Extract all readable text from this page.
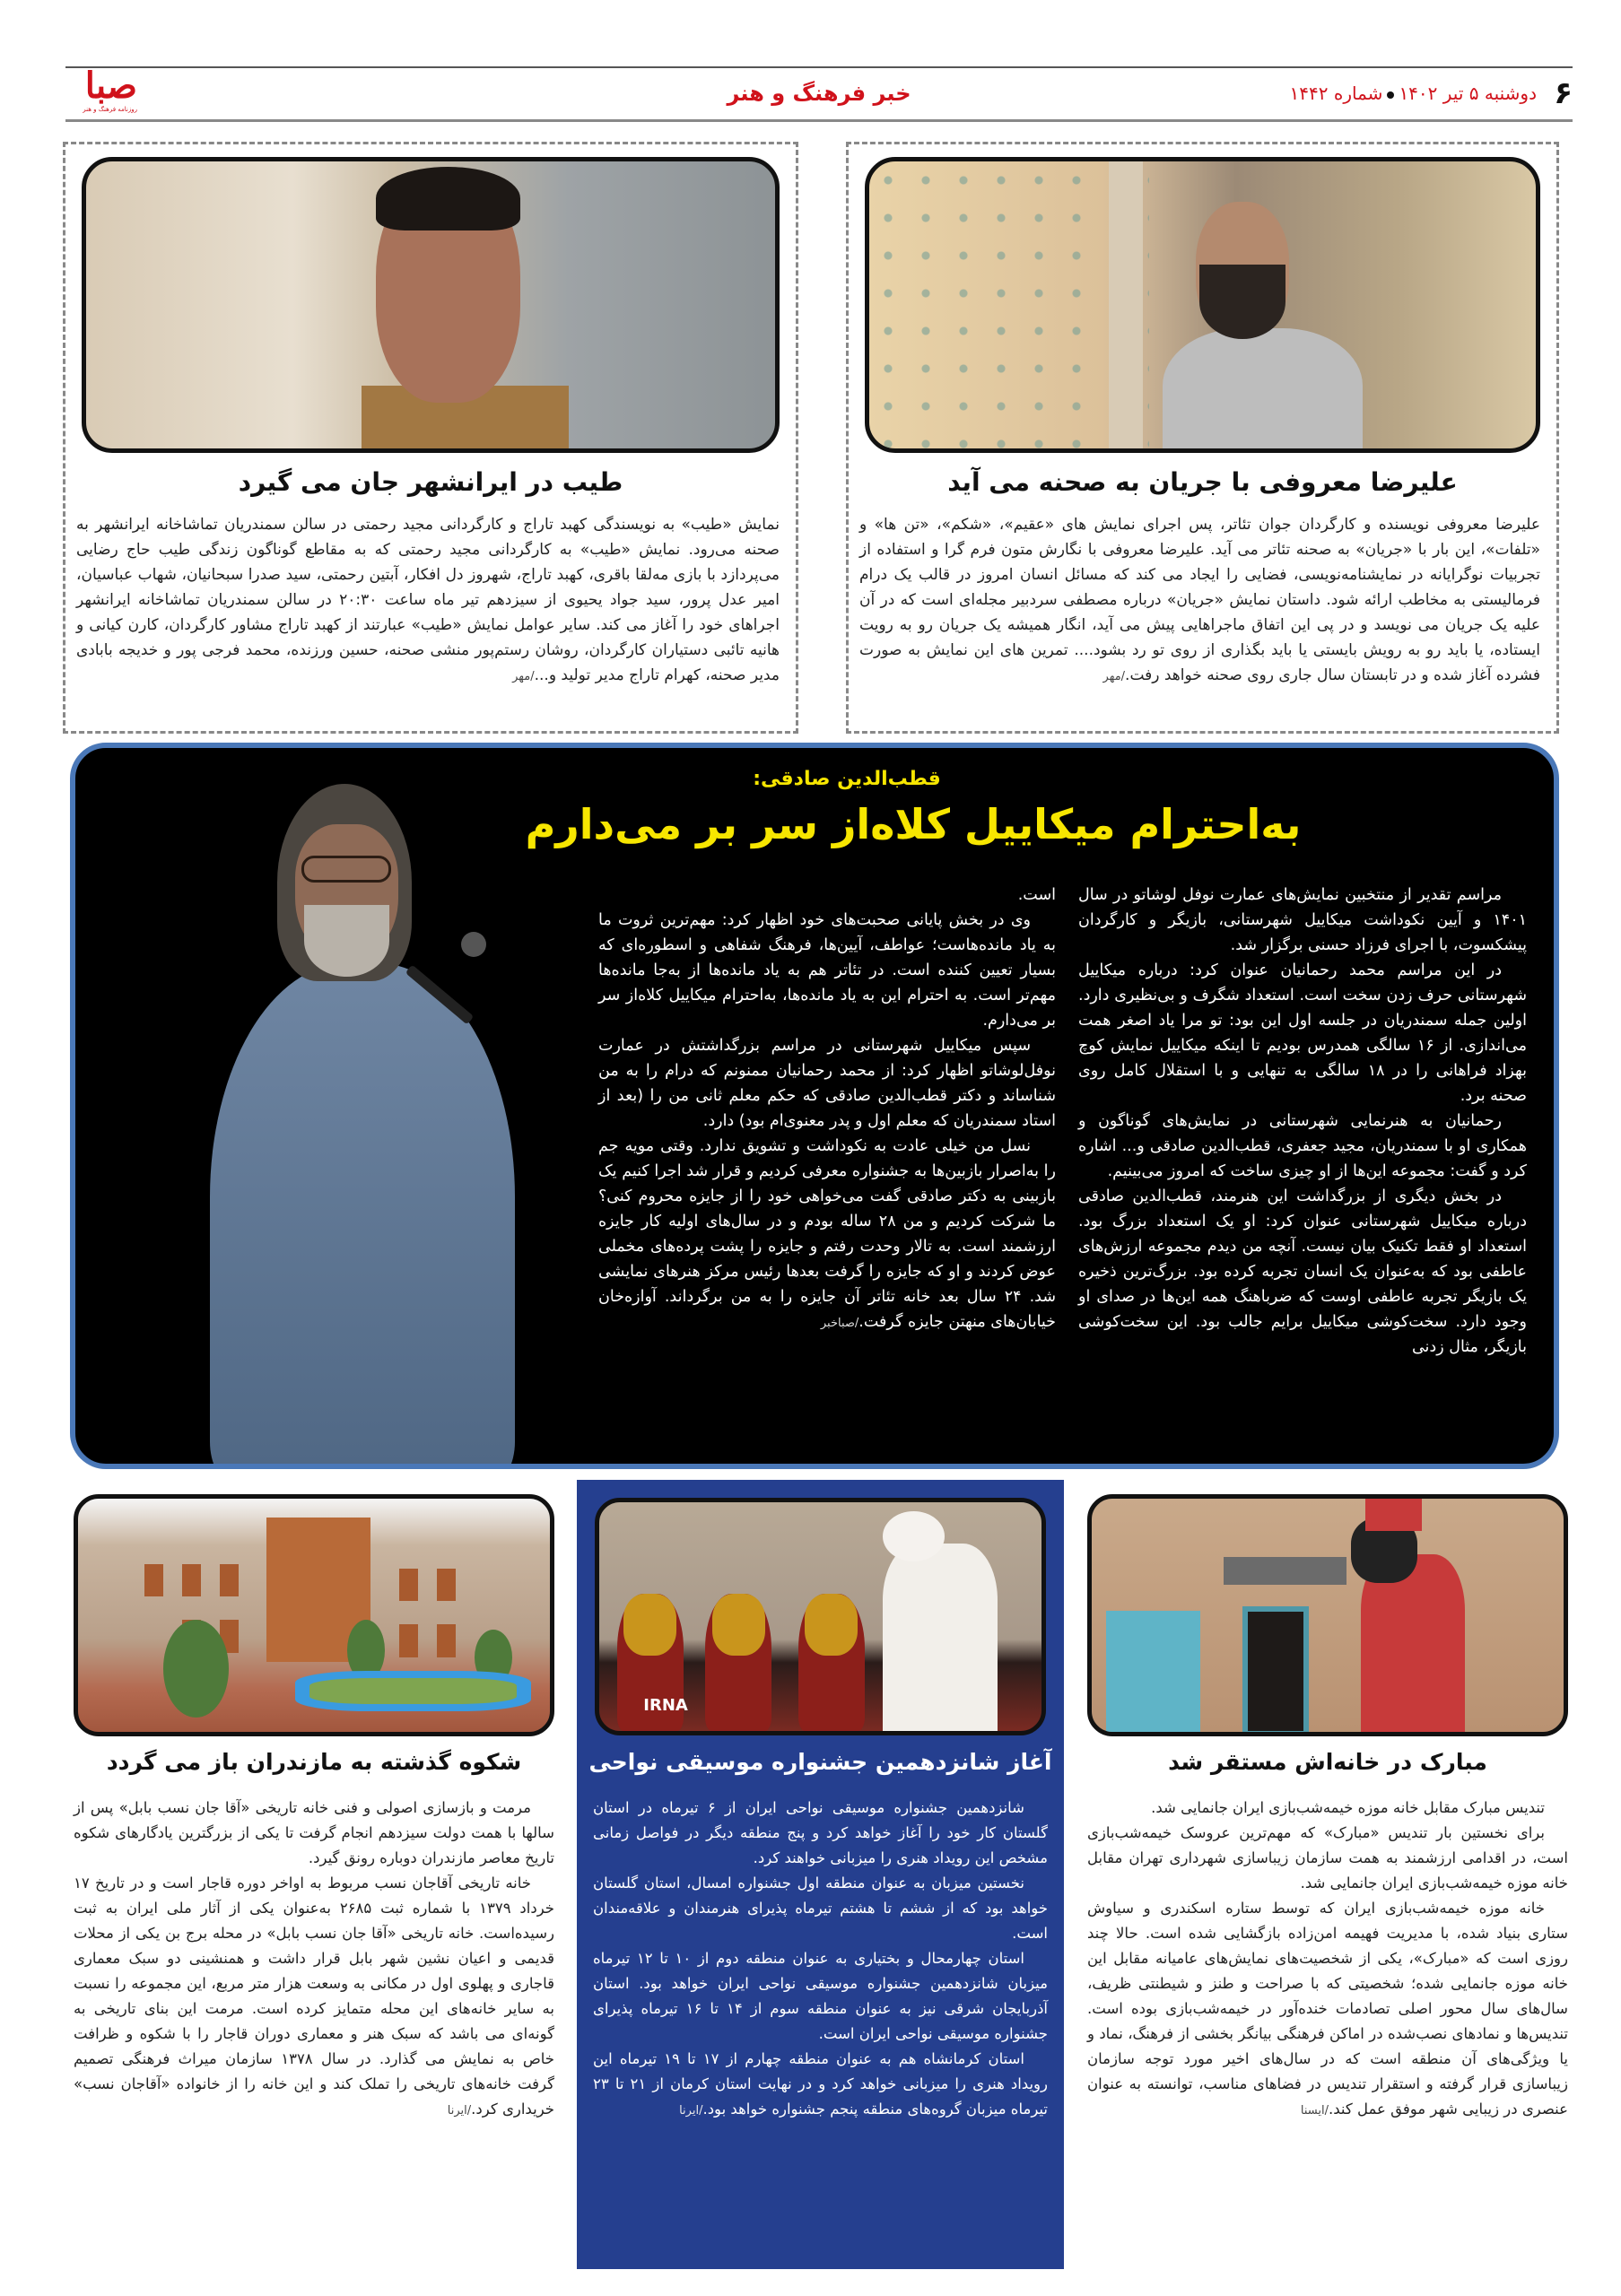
۶
دوشنبه ۵ تیر ۱۴۰۲شماره ۱۴۴۲
خبر فرهنگ و هنر
صبا
روزنامه فرهنگ و هنر
علیرضا معروفی با جریان به صحنه می آید
علیرضا معروفی نویسنده و کارگردان جوان تئاتر، پس اجرای نمایش های «عقیم»، «شکم»، «تن ها» و «تلفات»، این بار با «جریان» به صحنه تئاتر می آید. علیرضا معروفی با نگارش متون فرم گرا و استفاده از تجربیات نوگرایانه در نمایشنامه‌نویسی، فضایی را ایجاد می کند که مسائل انسان امروز در قالب یک درام فرمالیستی به مخاطب ارائه شود. داستان نمایش «جریان» درباره مصطفی سردبیر مجله‌ای است که در آن علیه یک جریان می نویسد و در پی این اتفاق ماجراهایی پیش می آید، انگار همیشه یک جریان رو به رویت ایستاده، یا باید رو به رویش بایستی یا باید بگذاری از روی تو رد بشود.... تمرین های این نمایش به صورت فشرده آغاز شده و در تابستان سال جاری روی صحنه خواهد رفت./مهر
طیب در ایرانشهر جان می گیرد
نمایش «طیب» به نویسندگی کهبد تاراج و کارگردانی مجید رحمتی در سالن سمندریان تماشاخانه ایرانشهر به صحنه می‌رود. نمایش «طیب» به کارگردانی مجید رحمتی که به مقاطع گوناگون زندگی طیب حاج رضایی می‌پردازد با بازی مه‌لقا باقری، کهبد تاراج، شهروز دل افکار، آبتین رحمتی، سید صدرا سبحانیان، شهاب عباسیان، امیر عدل پرور، سید جواد یحیوی از سیزدهم تیر ماه ساعت ۲۰:۳۰ در سالن سمندریان تماشاخانه ایرانشهر اجراهای خود را آغاز می کند. سایر عوامل نمایش «طیب» عبارتند از کهبد تاراج مشاور کارگردان، کارن کیانی و هانیه تائبی دستیاران کارگردان، روشان رستم‌پور منشی صحنه، حسین ورزنده، محمد فرجی پور و خدیجه بابادی مدیر صحنه، کهرام تاراج مدیر تولید و.../مهر
قطب‌الدین صادقی:
به‌احترام میکاییل کلاه‌از سر بر می‌دارم

مراسم تقدیر از منتخبین نمایش‌های عمارت نوفل لوشاتو در سال ۱۴۰۱ و آیین نکوداشت میکاییل شهرستانی، بازیگر و کارگردان پیشکسوت، با اجرای فرزاد حسنی برگزار شد.

در این مراسم محمد رحمانیان عنوان کرد: درباره میکاییل شهرستانی حرف زدن سخت است. استعداد شگرف و بی‌نظیری دارد. اولین جمله سمندریان در جلسه اول این بود: تو مرا یاد اصغر همت می‌اندازی. از ۱۶ سالگی همدرس بودیم تا اینکه میکاییل نمایش کوچ بهزاد فراهانی را در ۱۸ سالگی به تنهایی و با استقلال کامل روی صحنه برد.

رحمانیان به هنرنمایی شهرستانی در نمایش‌های گوناگون و همکاری او با سمندریان، مجید جعفری، قطب‌الدین صادقی و... اشاره کرد و گفت: مجموعه این‌ها از او چیزی ساخت که امروز می‌بینیم.

در بخش دیگری از بزرگداشت این هنرمند، قطب‌الدین صادقی درباره میکاییل شهرستانی عنوان کرد: او یک استعداد بزرگ بود. استعداد او فقط تکنیک بیان نیست. آنچه من دیدم مجموعه ارزش‌های عاطفی بود که به‌عنوان یک انسان تجربه کرده بود. بزرگ‌ترین ذخیره یک بازیگر تجربه عاطفی اوست که ضرباهنگ همه این‌ها در صدای او وجود دارد. سخت‌کوشی میکاییل برایم جالب بود. این سخت‌کوشی بازیگر، مثال زدنی

است.

وی در بخش پایانی صحبت‌های خود اظهار کرد: مهم‌ترین ثروت ما به یاد مانده‌هاست؛ عواطف، آیین‌ها، فرهنگ شفاهی و اسطوره‌ای که بسیار تعیین کننده است. در تئاتر هم به یاد مانده‌ها از به‌جا مانده‌ها مهم‌تر است. به احترام این به یاد مانده‌ها، به‌احترام میکاییل کلاه‌از سر بر می‌دارم.

سپس میکاییل شهرستانی در مراسم بزرگداشتش در عمارت نوفل‌لوشاتو اظهار کرد: از محمد رحمانیان ممنونم که درام را به من شناساند و دکتر قطب‌الدین صادقی که حکم معلم ثانی من را (بعد از استاد سمندریان که معلم اول و پدر معنوی‌ام بود) دارد.

نسل من خیلی عادت به نکوداشت و تشویق ندارد. وقتی مویه جم را به‌اصرار بازبین‌ها به جشنواره معرفی کردیم و قرار شد اجرا کنیم یک بازبینی به دکتر صادقی گفت می‌خواهی خود را از جایزه محروم کنی؟ ما شرکت کردیم و من ۲۸ ساله بودم و در سال‌های اولیه کار جایزه ارزشمند است. به تالار وحدت رفتم و جایزه را پشت پرده‌های مخملی عوض کردند و او که جایزه را گرفت بعدها رئیس مرکز هنرهای نمایشی شد. ۲۴ سال بعد خانه تئاتر آن جایزه را به من برگرداند. آوازه‌خان خیابان‌های منهتن جایزه گرفت./صباخبر

مبارک در خانه‌اش مستقر شد

تندیس مبارک مقابل خانه موزه خیمه‌شب‌بازی ایران جانمایی شد.

برای نخستین بار تندیس «مبارک» که مهم‌ترین عروسک خیمه‌شب‌بازی است، در اقدامی ارزشمند به همت سازمان زیباسازی شهرداری تهران مقابل خانه موزه خیمه‌شب‌بازی ایران جانمایی شد.

خانه موزه خیمه‌شب‌بازی ایران که توسط ستاره اسکندری و سیاوش ستاری بنیاد شده، با مدیریت فهیمه امن‌زاده بازگشایی شده است. حالا چند روزی است که «مبارک»، یکی از شخصیت‌های نمایش‌های عامیانه مقابل این خانه موزه جانمایی شده؛ شخصیتی که با صراحت و طنز و شیطنتی ظریف، سال‌های سال محور اصلی تصادمات خنده‌آور در خیمه‌شب‌بازی بوده است. تندیس‌ها و نمادهای نصب‌شده در اماکن فرهنگی بیانگر بخشی از فرهنگ، نماد و یا ویژگی‌های آن منطقه است که در سال‌های اخیر مورد توجه سازمان زیباسازی قرار گرفته و استقرار تندیس در فضاهای مناسب، توانسته به عنوان عنصری در زیبایی شهر موفق عمل کند./ایسنا

IRNA
آغاز شانزدهمین جشنواره موسیقی نواحی

شانزدهمین جشنواره موسیقی نواحی ایران از ۶ تیرماه در استان گلستان کار خود را آغاز خواهد کرد و پنج منطقه دیگر در فواصل زمانی مشخص این رویداد هنری را میزبانی خواهند کرد.

نخستین میزبان به عنوان منطقه اول جشنواره امسال، استان گلستان خواهد بود که از ششم تا هشتم تیرماه پذیرای هنرمندان و علاقه‌مندان است.

استان چهارمحال و بختیاری به عنوان منطقه دوم از ۱۰ تا ۱۲ تیرماه میزبان شانزدهمین جشنواره موسیقی نواحی ایران خواهد بود. استان آذربایجان شرقی نیز به عنوان منطقه سوم از ۱۴ تا ۱۶ تیرماه پذیرای جشنواره موسیقی نواحی ایران است.

استان کرمانشاه هم به عنوان منطقه چهارم از ۱۷ تا ۱۹ تیرماه این رویداد هنری را میزبانی خواهد کرد و در نهایت استان کرمان از ۲۱ تا ۲۳ تیرماه میزبان گروه‌های منطقه پنجم جشنواره خواهد بود./ایرنا

شکوه گذشته به مازندران باز می گردد

مرمت و بازسازی اصولی و فنی خانه تاریخی «آقا جان نسب بابل» پس از سالها با همت دولت سیزدهم انجام گرفت تا یکی از بزرگترین یادگارهای شکوه تاریخ معاصر مازندران دوباره رونق گیرد.

خانه تاریخی آقاجان نسب مربوط به اواخر دوره قاجار است و در تاریخ ۱۷ خرداد ۱۳۷۹ با شماره ثبت ۲۶۸۵ به‌عنوان یکی از آثار ملی ایران به ثبت رسیده‌است. خانه تاریخی «آقا جان نسب بابل» در محله برج بن یکی از محلات قدیمی و اعیان نشین شهر بابل قرار داشت و همنشینی دو سبک معماری قاجاری و پهلوی اول در مکانی به وسعت هزار متر مربع، این مجموعه را نسبت به سایر خانه‌های این محله متمایز کرده است. مرمت این بنای تاریخی به گونه‌ای می باشد که سبک هنر و معماری دوران قاجار را با شکوه و ظرافت خاص به نمایش می گذارد. در سال ۱۳۷۸ سازمان میراث فرهنگی تصمیم گرفت خانه‌های تاریخی را تملک کند و این خانه را از خانواده «آقاجان نسب» خریداری کرد./ایرنا
